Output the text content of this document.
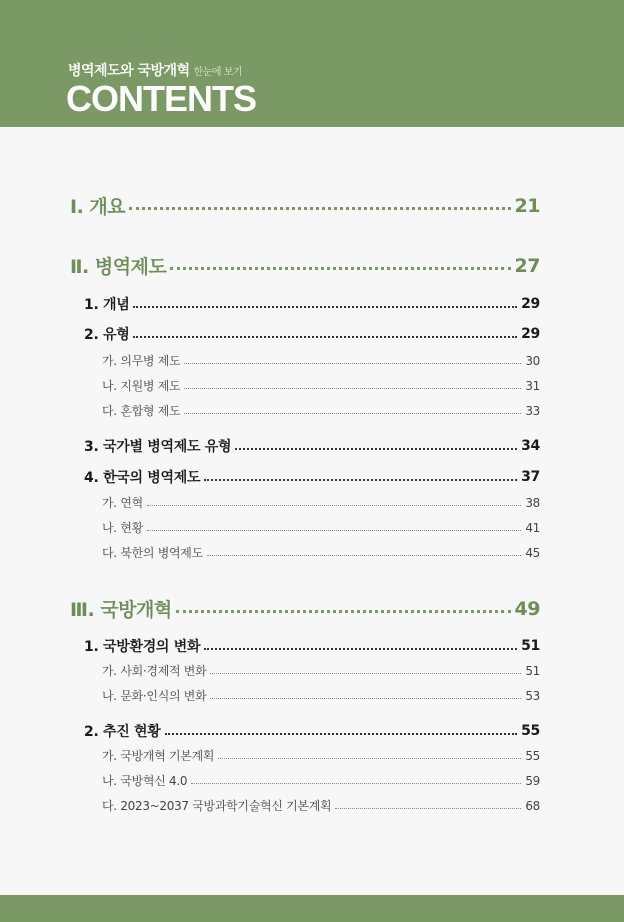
병역제도와 국방개혁 한눈에 보기
CONTENTS
Ⅰ. 개요	21
Ⅱ. 병역제도	27
1. 개념	29
2. 유형	29
가. 의무병 제도	30
나. 지원병 제도	31
다. 혼합형 제도	33
3. 국가별 병역제도 유형	34
4. 한국의 병역제도	37
가. 연혁	38
나. 현황	41
다. 북한의 병역제도	45
Ⅲ. 국방개혁	49
1. 국방환경의 변화	51
가. 사회·경제적 변화	51
나. 문화·인식의 변화	53
2. 추진 현황	55
가. 국방개혁 기본계획	55
나. 국방혁신 4.0	59
다. 2023~2037 국방과학기술혁신 기본계획	68
